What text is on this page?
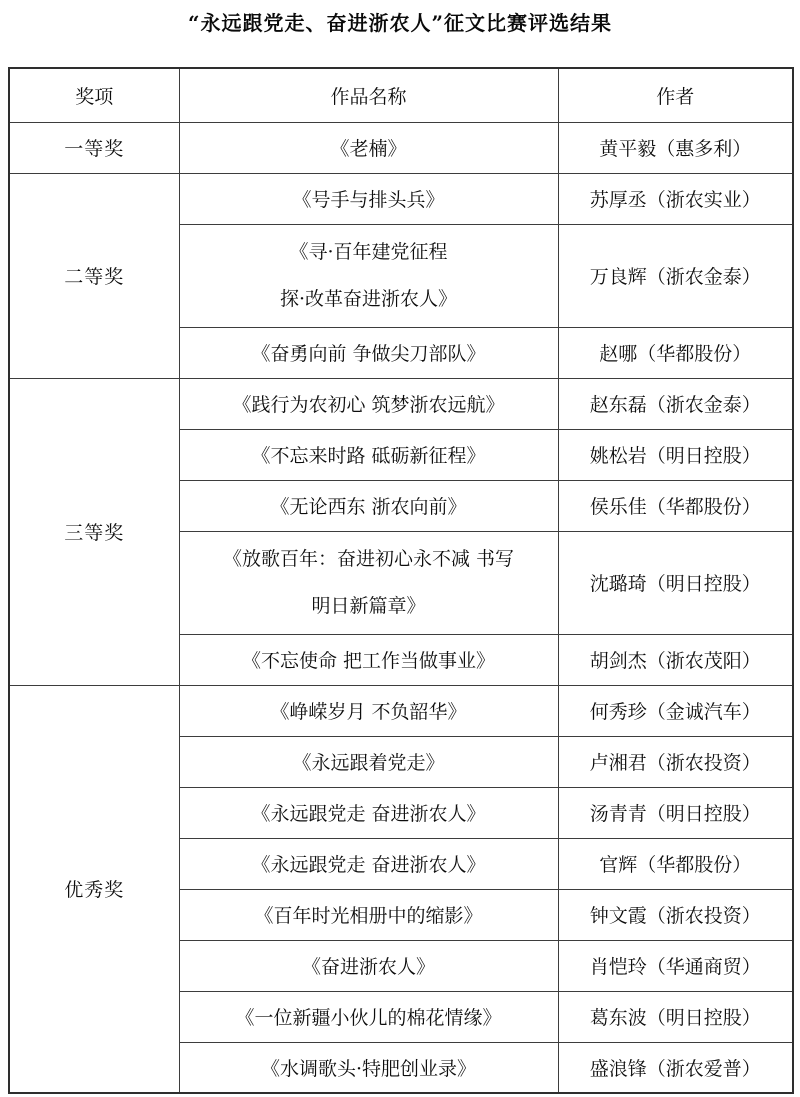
“永远跟党走、奋进浙农人”征文比赛评选结果
奖项	作品名称	作者
一等奖	《老楠》	黄平毅（惠多利）
二等奖	《号手与排头兵》	苏厚丞（浙农实业）

	《寻·百年建党征程
探·改革奋进浙农人》	万良辉（浙农金泰）
	《奋勇向前 争做尖刀部队》	赵哪（华都股份）
三等奖	《践行为农初心 筑梦浙农远航》	赵东磊（浙农金泰）
	《不忘来时路 砥砺新征程》	姚松岩（明日控股）
	《无论西东 浙农向前》	侯乐佳（华都股份）

	《放歌百年：奋进初心永不减 书写
明日新篇章》	沈璐琦（明日控股）
	《不忘使命 把工作当做事业》	胡剑杰（浙农茂阳）
优秀奖	《峥嵘岁月 不负韶华》	何秀珍（金诚汽车）
	《永远跟着党走》	卢湘君（浙农投资）
	《永远跟党走 奋进浙农人》	汤青青（明日控股）
	《永远跟党走 奋进浙农人》	官辉（华都股份）
	《百年时光相册中的缩影》	钟文霞（浙农投资）
	《奋进浙农人》	肖恺玲（华通商贸）
	《一位新疆小伙儿的棉花情缘》	葛东波（明日控股）
	《水调歌头·特肥创业录》	盛浪锋（浙农爱普）
